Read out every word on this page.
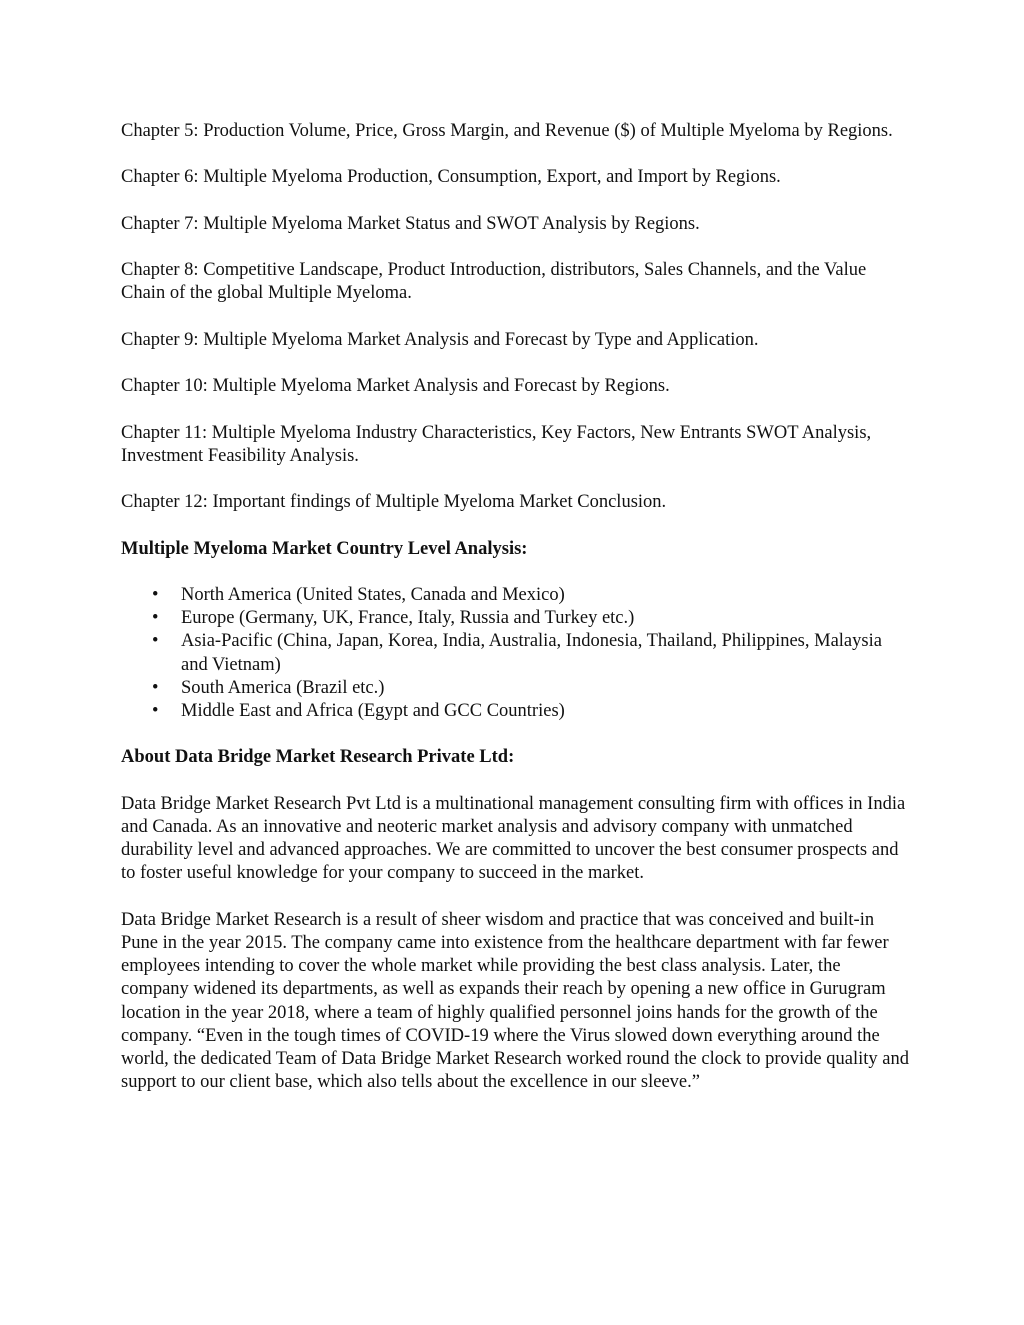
Chapter 5: Production Volume, Price, Gross Margin, and Revenue ($) of Multiple Myeloma by Regions.

Chapter 6: Multiple Myeloma Production, Consumption, Export, and Import by Regions.

Chapter 7: Multiple Myeloma Market Status and SWOT Analysis by Regions.

Chapter 8: Competitive Landscape, Product Introduction, distributors, Sales Channels, and the Value Chain of the global Multiple Myeloma.

Chapter 9: Multiple Myeloma Market Analysis and Forecast by Type and Application.

Chapter 10: Multiple Myeloma Market Analysis and Forecast by Regions.

Chapter 11: Multiple Myeloma Industry Characteristics, Key Factors, New Entrants SWOT Analysis, Investment Feasibility Analysis.

Chapter 12: Important findings of Multiple Myeloma Market Conclusion.

Multiple Myeloma Market Country Level Analysis:

• North America (United States, Canada and Mexico)
• Europe (Germany, UK, France, Italy, Russia and Turkey etc.)
• Asia-Pacific (China, Japan, Korea, India, Australia, Indonesia, Thailand, Philippines, Malaysia and Vietnam)
• South America (Brazil etc.)
• Middle East and Africa (Egypt and GCC Countries)

About Data Bridge Market Research Private Ltd:

Data Bridge Market Research Pvt Ltd is a multinational management consulting firm with offices in India and Canada. As an innovative and neoteric market analysis and advisory company with unmatched durability level and advanced approaches. We are committed to uncover the best consumer prospects and to foster useful knowledge for your company to succeed in the market.

Data Bridge Market Research is a result of sheer wisdom and practice that was conceived and built-in Pune in the year 2015. The company came into existence from the healthcare department with far fewer employees intending to cover the whole market while providing the best class analysis. Later, the company widened its departments, as well as expands their reach by opening a new office in Gurugram location in the year 2018, where a team of highly qualified personnel joins hands for the growth of the company. “Even in the tough times of COVID-19 where the Virus slowed down everything around the world, the dedicated Team of Data Bridge Market Research worked round the clock to provide quality and support to our client base, which also tells about the excellence in our sleeve.”
